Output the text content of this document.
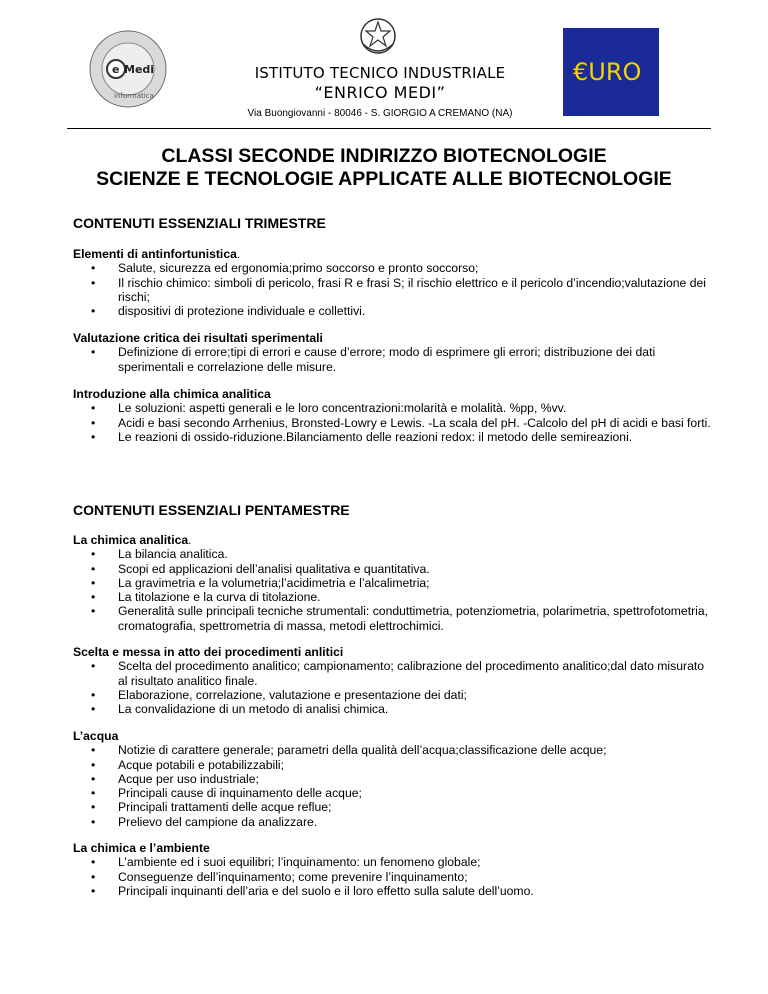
e Medi
informatica
ISTITUTO TECNICO INDUSTRIALE
“ENRICO MEDI”
Via Buongiovanni - 80046 - S. GIORGIO A CREMANO (NA)
€URO
CLASSI SECONDE INDIRIZZO BIOTECNOLOGIE
SCIENZE E TECNOLOGIE APPLICATE ALLE BIOTECNOLOGIE
CONTENUTI ESSENZIALI TRIMESTRE
Elementi di antinfortunistica.
• Salute, sicurezza ed ergonomia;primo soccorso e pronto soccorso;
• Il rischio chimico: simboli di pericolo, frasi R e frasi S; il rischio elettrico e il pericolo d’incendio;valutazione dei rischi;
• dispositivi di protezione individuale e collettivi.
Valutazione critica dei risultati sperimentali
• Definizione di errore;tipi di errori e cause d’errore; modo di esprimere gli errori; distribuzione dei dati sperimentali e correlazione delle misure.
Introduzione alla chimica analitica
• Le soluzioni: aspetti generali e le loro concentrazioni:molarità e molalità. %pp, %vv.
• Acidi e basi secondo Arrhenius, Bronsted-Lowry e Lewis. -La scala del pH. -Calcolo del pH di acidi e basi forti.
• Le reazioni di ossido-riduzione.Bilanciamento delle reazioni redox: il metodo delle semireazioni.
CONTENUTI ESSENZIALI PENTAMESTRE
La chimica analitica.
• La bilancia analitica.
• Scopi ed applicazioni dell’analisi qualitativa e quantitativa.
• La gravimetria e la volumetria;l’acidimetria e l’alcalimetria;
• La titolazione e la curva di titolazione.
• Generalità sulle principali tecniche strumentali: conduttimetria, potenziometria, polarimetria, spettrofotometria, cromatografia, spettrometria di massa, metodi elettrochimici.
Scelta e messa in atto dei procedimenti anlitici
• Scelta del procedimento analitico; campionamento; calibrazione del procedimento analitico;dal dato misurato al risultato analitico finale.
• Elaborazione, correlazione, valutazione e presentazione dei dati;
• La convalidazione di un metodo di analisi chimica.
L’acqua
• Notizie di carattere generale; parametri della qualità dell’acqua;classificazione delle acque;
• Acque potabili e potabilizzabili;
• Acque per uso industriale;
• Principali cause di inquinamento delle acque;
• Principali trattamenti delle acque reflue;
• Prelievo del campione da analizzare.
La chimica e l’ambiente
• L’ambiente ed i suoi equilibri; l’inquinamento: un fenomeno globale;
• Conseguenze dell’inquinamento; come prevenire l’inquinamento;
• Principali inquinanti dell’aria e del suolo e il loro effetto sulla salute dell’uomo.
